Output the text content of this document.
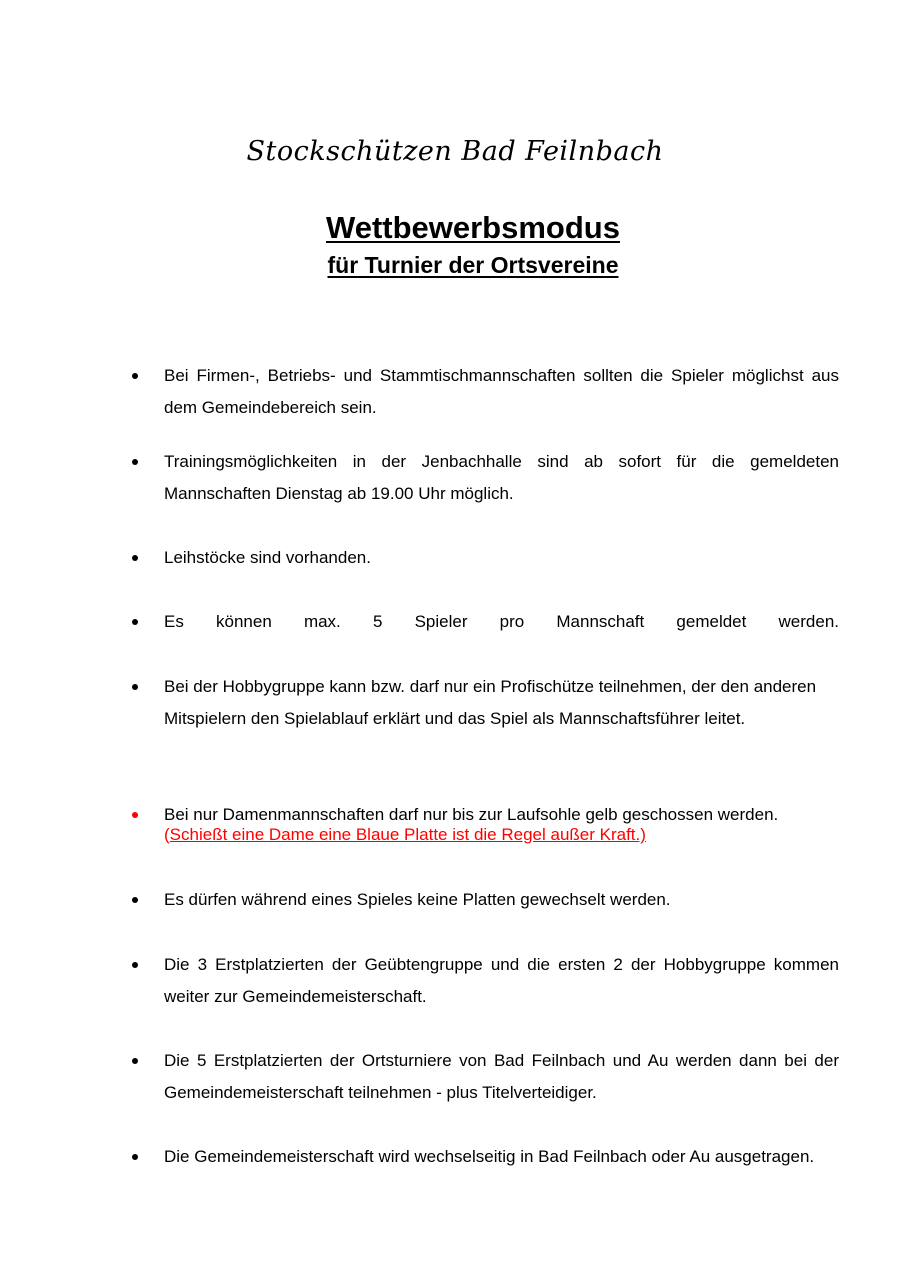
Stockschützen Bad Feilnbach
Wettbewerbsmodus
für Turnier der Ortsvereine
Bei Firmen-, Betriebs- und Stammtischmannschaften sollten die Spieler möglichst aus dem Gemeindebereich sein.
Trainingsmöglichkeiten in der Jenbachhalle sind ab sofort für die gemeldeten Mannschaften Dienstag ab 19.00 Uhr möglich.
Leihstöcke sind vorhanden.
Es können max. 5 Spieler pro Mannschaft gemeldet werden.
Bei der Hobbygruppe kann bzw. darf nur ein Profischütze teilnehmen, der den anderen Mitspielern den Spielablauf erklärt und das Spiel als Mannschaftsführer leitet.
Bei nur Damenmannschaften darf nur bis zur Laufsohle gelb geschossen werden.
(Schießt eine Dame eine Blaue Platte ist die Regel außer Kraft.)
Es dürfen während eines Spieles keine Platten gewechselt werden.
Die 3 Erstplatzierten der Geübtengruppe und die ersten 2 der Hobbygruppe kommen weiter zur Gemeindemeisterschaft.
Die 5 Erstplatzierten der Ortsturniere von Bad Feilnbach und Au werden dann bei der Gemeindemeisterschaft teilnehmen - plus Titelverteidiger.
Die Gemeindemeisterschaft wird wechselseitig in Bad Feilnbach oder Au ausgetragen.
